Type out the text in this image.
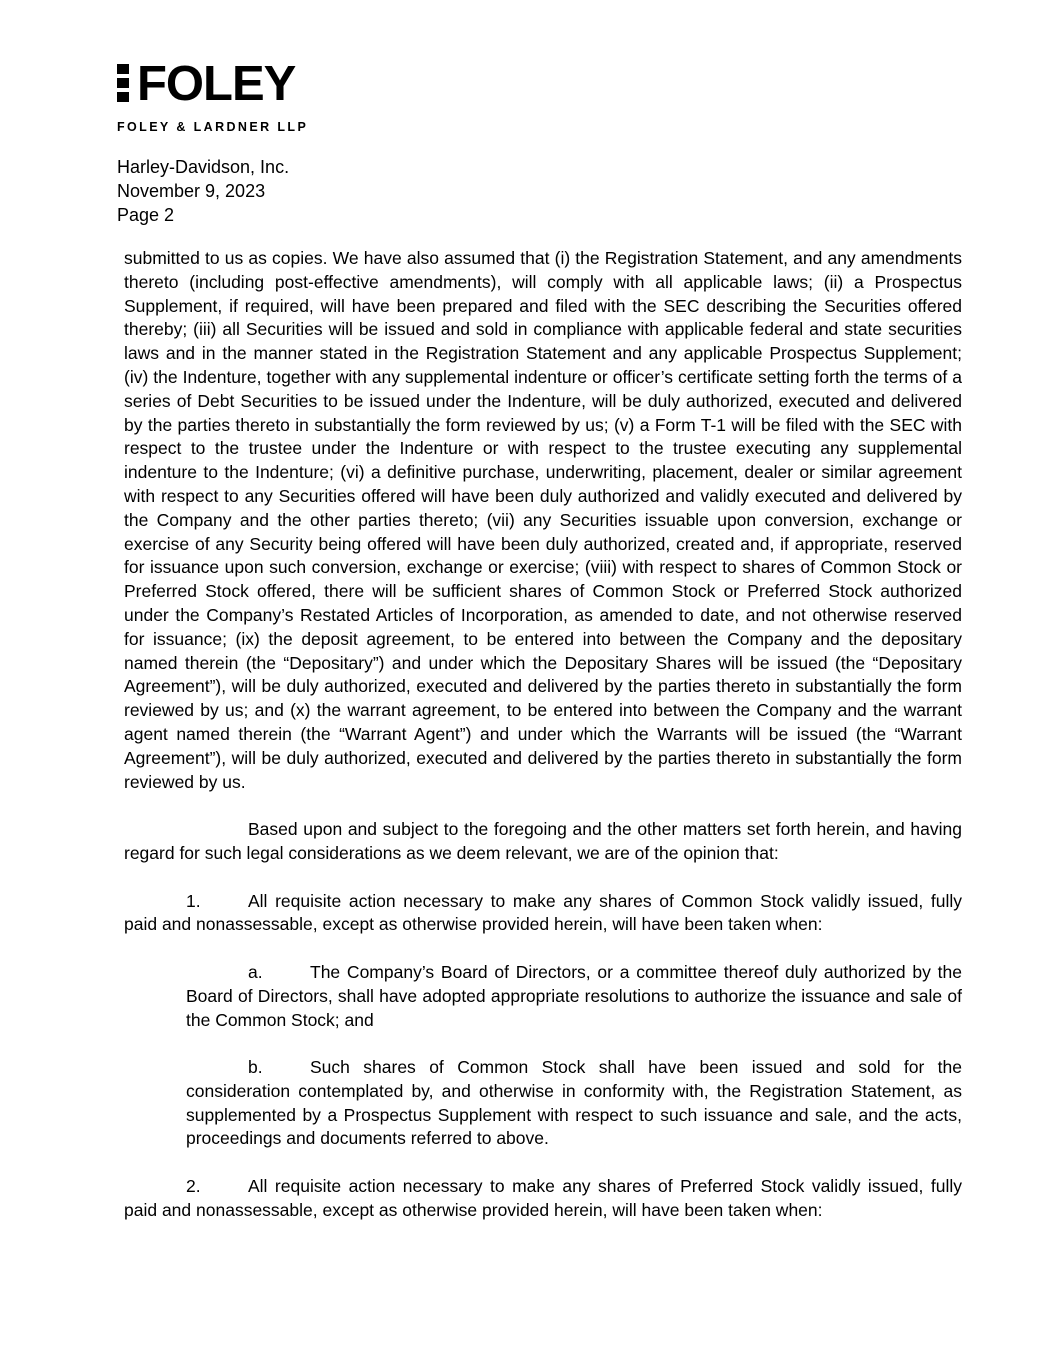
FOLEY
FOLEY & LARDNER LLP
Harley-Davidson, Inc.
November 9, 2023
Page 2

submitted to us as copies. We have also assumed that (i) the Registration Statement, and any amendments thereto (including post-effective amendments), will comply with all applicable laws; (ii) a Prospectus Supplement, if required, will have been prepared and filed with the SEC describing the Securities offered thereby; (iii) all Securities will be issued and sold in compliance with applicable federal and state securities laws and in the manner stated in the Registration Statement and any applicable Prospectus Supplement; (iv) the Indenture, together with any supplemental indenture or officer’s certificate setting forth the terms of a series of Debt Securities to be issued under the Indenture, will be duly authorized, executed and delivered by the parties thereto in substantially the form reviewed by us; (v) a Form T-1 will be filed with the SEC with respect to the trustee under the Indenture or with respect to the trustee executing any supplemental indenture to the Indenture; (vi) a definitive purchase, underwriting, placement, dealer or similar agreement with respect to any Securities offered will have been duly authorized and validly executed and delivered by the Company and the other parties thereto; (vii) any Securities issuable upon conversion, exchange or exercise of any Security being offered will have been duly authorized, created and, if appropriate, reserved for issuance upon such conversion, exchange or exercise; (viii) with respect to shares of Common Stock or Preferred Stock offered, there will be sufficient shares of Common Stock or Preferred Stock authorized under the Company’s Restated Articles of Incorporation, as amended to date, and not otherwise reserved for issuance; (ix) the deposit agreement, to be entered into between the Company and the depositary named therein (the “Depositary”) and under which the Depositary Shares will be issued (the “Depositary Agreement”), will be duly authorized, executed and delivered by the parties thereto in substantially the form reviewed by us; and (x) the warrant agreement, to be entered into between the Company and the warrant agent named therein (the “Warrant Agent”) and under which the Warrants will be issued (the “Warrant Agreement”), will be duly authorized, executed and delivered by the parties thereto in substantially the form reviewed by us.

Based upon and subject to the foregoing and the other matters set forth herein, and having regard for such legal considerations as we deem relevant, we are of the opinion that:

1.	All requisite action necessary to make any shares of Common Stock validly issued, fully paid and nonassessable, except as otherwise provided herein, will have been taken when:

a.	The Company’s Board of Directors, or a committee thereof duly authorized by the Board of Directors, shall have adopted appropriate resolutions to authorize the issuance and sale of the Common Stock; and

b.	Such shares of Common Stock shall have been issued and sold for the consideration contemplated by, and otherwise in conformity with, the Registration Statement, as supplemented by a Prospectus Supplement with respect to such issuance and sale, and the acts, proceedings and documents referred to above.

2.	All requisite action necessary to make any shares of Preferred Stock validly issued, fully paid and nonassessable, except as otherwise provided herein, will have been taken when:
